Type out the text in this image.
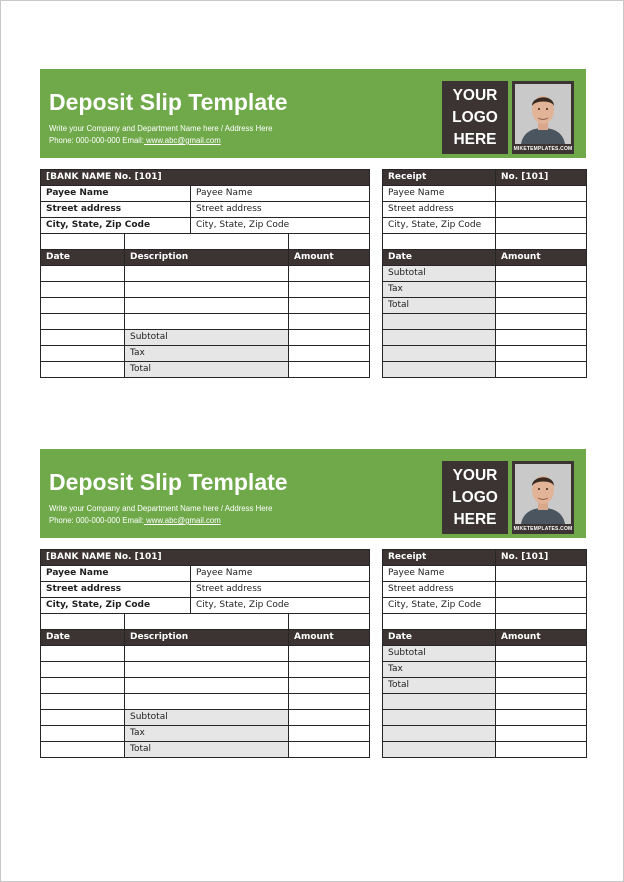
Deposit Slip Template
Write your Company and Department Name here / Address Here
Phone: 000-000-000 Email: www.abc@gmail.com
YOUR
LOGO
HERE
MIKETEMPLATES.COM
[BANK NAME No. [101]			
Payee Name		Payee Name	
Street address		Street address	
City, State, Zip Code		City, State, Zip Code	

Date	Description		Amount

	Subtotal		
	Tax		
	Total		
Receipt	No. [101]
Payee Name	
Street address	
City, State, Zip Code	

Date	Amount
Subtotal	
Tax	
Total	

Deposit Slip Template
Write your Company and Department Name here / Address Here
Phone: 000-000-000 Email: www.abc@gmail.com
YOUR
LOGO
HERE
MIKETEMPLATES.COM
[BANK NAME No. [101]			
Payee Name		Payee Name	
Street address		Street address	
City, State, Zip Code		City, State, Zip Code	

Date	Description		Amount

	Subtotal		
	Tax		
	Total		
Receipt	No. [101]
Payee Name	
Street address	
City, State, Zip Code	

Date	Amount
Subtotal	
Tax	
Total	
